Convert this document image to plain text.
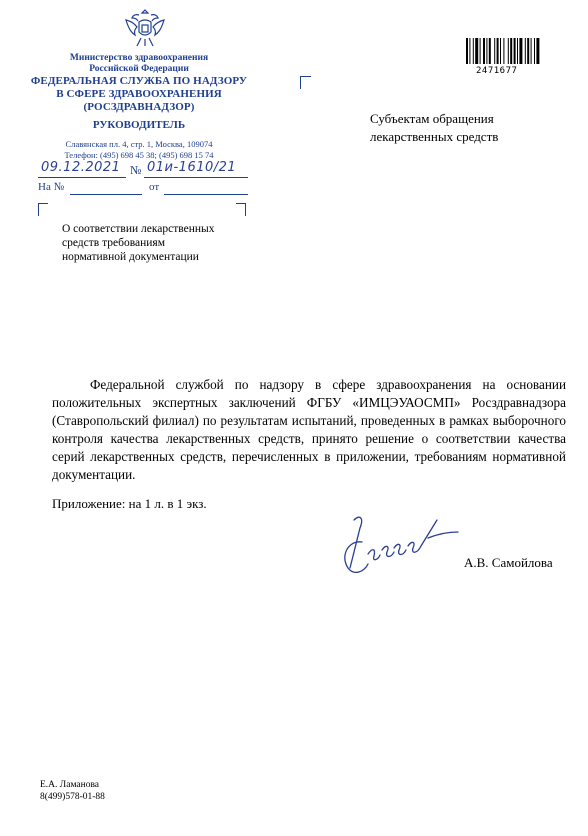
Министерство здравоохранения
Российской Федерации
ФЕДЕРАЛЬНАЯ СЛУЖБА ПО НАДЗОРУ
В СФЕРЕ ЗДРАВООХРАНЕНИЯ
(РОСЗДРАВНАДЗОР)
РУКОВОДИТЕЛЬ
Славянская пл. 4, стр. 1, Москва, 109074
Телефон: (495) 698 45 38; (495) 698 15 74
09.12.2021 № 01и-1610/21
На №	от
2471677
Субъектам обращения
лекарственных средств
О соответствии лекарственных
средств требованиям
нормативной документации
Федеральной службой по надзору в сфере здравоохранения на основании положительных экспертных заключений ФГБУ «ИМЦЭУАОСМП» Росздравнадзора (Ставропольский филиал) по результатам испытаний, проведенных в рамках выборочного контроля качества лекарственных средств, принято решение о соответствии качества серий лекарственных средств, перечисленных в приложении, требованиям нормативной документации.
Приложение: на 1 л. в 1 экз.
А.В. Самойлова
Е.А. Ламанова
8(499)578-01-88
